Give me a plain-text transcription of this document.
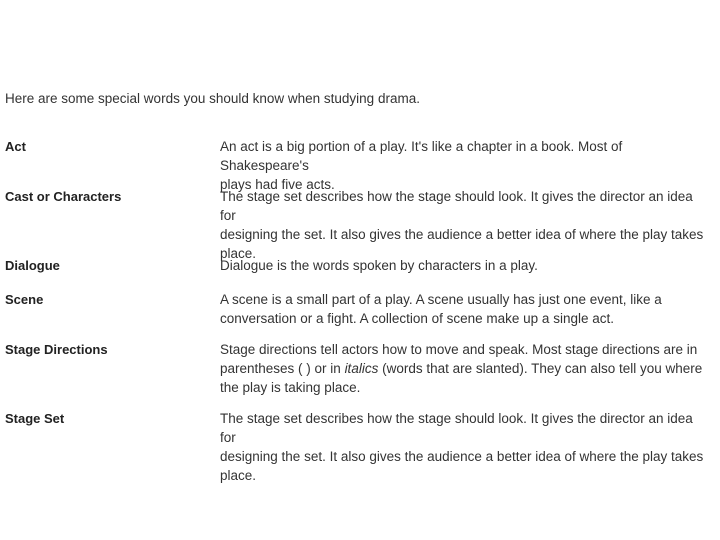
Here are some special words you should know when studying drama.
Act	An act is a big portion of a play. It's like a chapter in a book. Most of Shakespeare's
plays had five acts.
Cast or Characters	The stage set describes how the stage should look. It gives the director an idea for
designing the set. It also gives the audience a better idea of where the play takes
place.
Dialogue	Dialogue is the words spoken by characters in a play.
Scene	A scene is a small part of a play. A scene usually has just one event, like a
conversation or a fight. A collection of scene make up a single act.
Stage Directions	Stage directions tell actors how to move and speak. Most stage directions are in
parentheses ( ) or in italics (words that are slanted). They can also tell you where
the play is taking place.
Stage Set	The stage set describes how the stage should look. It gives the director an idea for
designing the set. It also gives the audience a better idea of where the play takes
place.
